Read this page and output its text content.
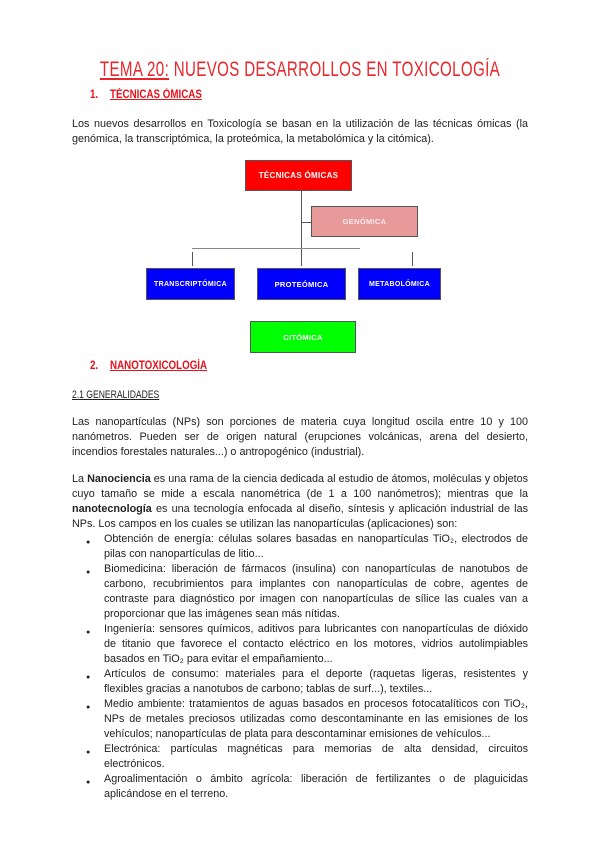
TEMA 20: NUEVOS DESARROLLOS EN TOXICOLOGÍA
1. TÉCNICAS ÓMICAS
Los nuevos desarrollos en Toxicología se basan en la utilización de las técnicas ómicas (la genómica, la transcriptómica, la proteómica, la metabolómica y la citómica).
TÉCNICAS ÓMICAS
GENÓMICA
TRANSCRIPTÓMICA	PROTEÓMICA	METABOLÓMICA
CITÓMICA
2. NANOTOXICOLOGÍA
2.1 GENERALIDADES
Las nanopartículas (NPs) son porciones de materia cuya longitud oscila entre 10 y 100 nanómetros. Pueden ser de origen natural (erupciones volcánicas, arena del desierto, incendios forestales naturales...) o antropogénico (industrial).
La Nanociencia es una rama de la ciencia dedicada al estudio de átomos, moléculas y objetos cuyo tamaño se mide a escala nanométrica (de 1 a 100 nanómetros); mientras que la nanotecnología es una tecnología enfocada al diseño, síntesis y aplicación industrial de las NPs. Los campos en los cuales se utilizan las nanopartículas (aplicaciones) son:
● Obtención de energía: células solares basadas en nanopartículas TiO₂, electrodos de pilas con nanopartículas de litio...
● Biomedicina: liberación de fármacos (insulina) con nanopartículas de nanotubos de carbono, recubrimientos para implantes con nanopartículas de cobre, agentes de contraste para diagnóstico por imagen con nanopartículas de sílice las cuales van a proporcionar que las imágenes sean más nítidas.
● Ingeniería: sensores químicos, aditivos para lubricantes con nanopartículas de dióxido de titanio que favorece el contacto eléctrico en los motores, vidrios autolimpiables basados en TiO₂ para evitar el empañamiento...
● Artículos de consumo: materiales para el deporte (raquetas ligeras, resistentes y flexibles gracias a nanotubos de carbono; tablas de surf...), textiles...
● Medio ambiente: tratamientos de aguas basados en procesos fotocatalíticos con TiO₂, NPs de metales preciosos utilizadas como descontaminante en las emisiones de los vehículos; nanopartículas de plata para descontaminar emisiones de vehículos...
● Electrónica: partículas magnéticas para memorias de alta densidad, circuitos electrónicos.
● Agroalimentación o ámbito agrícola: liberación de fertilizantes o de plaguicidas aplicándose en el terreno.
